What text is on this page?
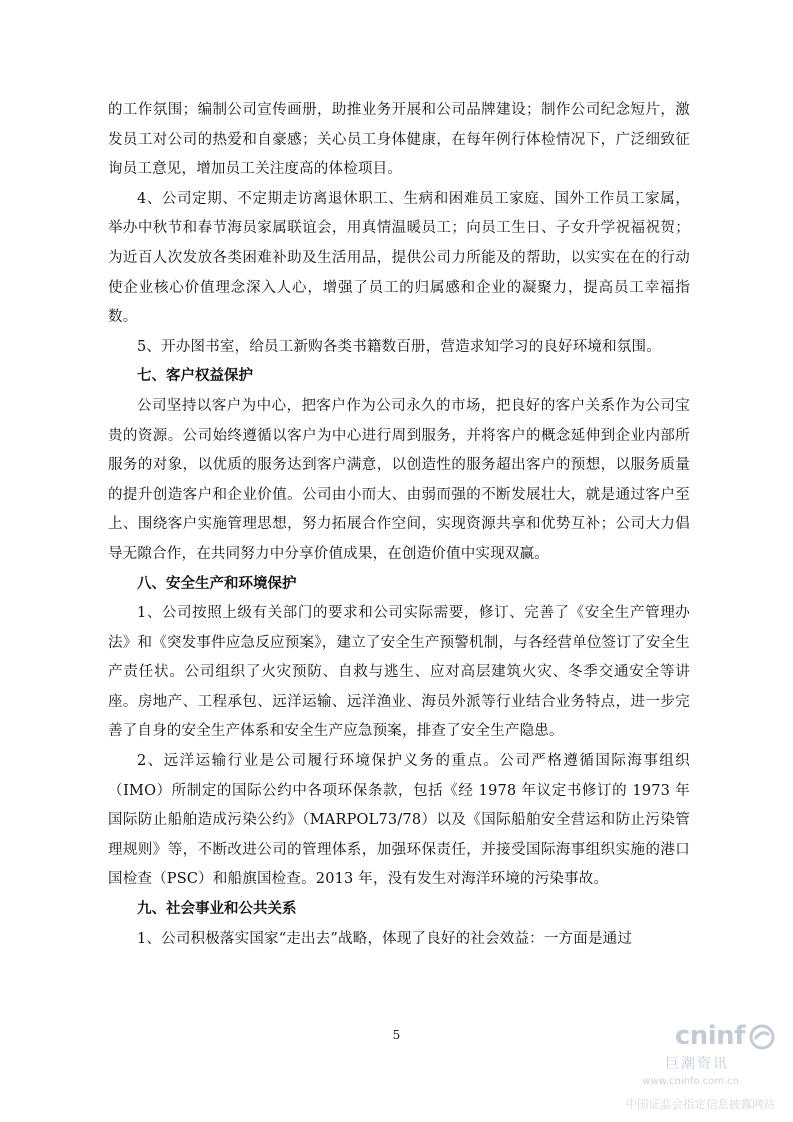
的工作氛围；编制公司宣传画册，助推业务开展和公司品牌建设；制作公司纪念短片，激发员工对公司的热爱和自豪感；关心员工身体健康，在每年例行体检情况下，广泛细致征询员工意见，增加员工关注度高的体检项目。

4、公司定期、不定期走访离退休职工、生病和困难员工家庭、国外工作员工家属，举办中秋节和春节海员家属联谊会，用真情温暖员工；向员工生日、子女升学祝福祝贺；为近百人次发放各类困难补助及生活用品，提供公司力所能及的帮助，以实实在在的行动使企业核心价值理念深入人心，增强了员工的归属感和企业的凝聚力，提高员工幸福指数。

5、开办图书室，给员工新购各类书籍数百册，营造求知学习的良好环境和氛围。

七、客户权益保护

公司坚持以客户为中心，把客户作为公司永久的市场，把良好的客户关系作为公司宝贵的资源。公司始终遵循以客户为中心进行周到服务，并将客户的概念延伸到企业内部所服务的对象，以优质的服务达到客户满意，以创造性的服务超出客户的预想，以服务质量的提升创造客户和企业价值。公司由小而大、由弱而强的不断发展壮大，就是通过客户至上、围绕客户实施管理思想，努力拓展合作空间，实现资源共享和优势互补；公司大力倡导无隙合作，在共同努力中分享价值成果，在创造价值中实现双赢。

八、安全生产和环境保护

1、公司按照上级有关部门的要求和公司实际需要，修订、完善了《安全生产管理办法》和《突发事件应急反应预案》，建立了安全生产预警机制，与各经营单位签订了安全生产责任状。公司组织了火灾预防、自救与逃生、应对高层建筑火灾、冬季交通安全等讲座。房地产、工程承包、远洋运输、远洋渔业、海员外派等行业结合业务特点，进一步完善了自身的安全生产体系和安全生产应急预案，排查了安全生产隐患。

2、远洋运输行业是公司履行环境保护义务的重点。公司严格遵循国际海事组织（IMO）所制定的国际公约中各项环保条款，包括《经 1978 年议定书修订的 1973 年国际防止船舶造成污染公约》（MARPOL73/78）以及《国际船舶安全营运和防止污染管理规则》等，不断改进公司的管理体系，加强环保责任，并接受国际海事组织实施的港口国检查（PSC）和船旗国检查。2013 年，没有发生对海洋环境的污染事故。

九、社会事业和公共关系

1、公司积极落实国家“走出去”战略，体现了良好的社会效益：一方面是通过

5	cninf
巨潮资讯
www.cninfo.com.cn
中国证监会指定信息披露网站
